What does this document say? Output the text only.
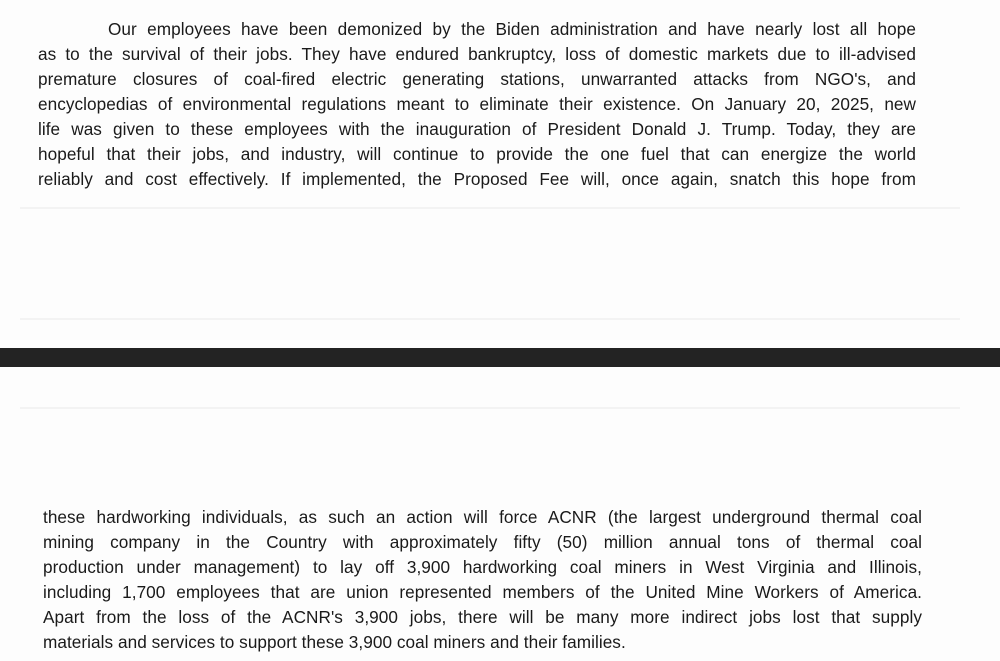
Our employees have been demonized by the Biden administration and have nearly lost all hope
as to the survival of their jobs. They have endured bankruptcy, loss of domestic markets due to ill-advised
premature closures of coal-fired electric generating stations, unwarranted attacks from NGO's, and
encyclopedias of environmental regulations meant to eliminate their existence. On January 20, 2025, new
life was given to these employees with the inauguration of President Donald J. Trump. Today, they are
hopeful that their jobs, and industry, will continue to provide the one fuel that can energize the world
reliably and cost effectively. If implemented, the Proposed Fee will, once again, snatch this hope from
these hardworking individuals, as such an action will force ACNR (the largest underground thermal coal
mining company in the Country with approximately fifty (50) million annual tons of thermal coal
production under management) to lay off 3,900 hardworking coal miners in West Virginia and Illinois,
including 1,700 employees that are union represented members of the United Mine Workers of America.
Apart from the loss of the ACNR's 3,900 jobs, there will be many more indirect jobs lost that supply
materials and services to support these 3,900 coal miners and their families.
